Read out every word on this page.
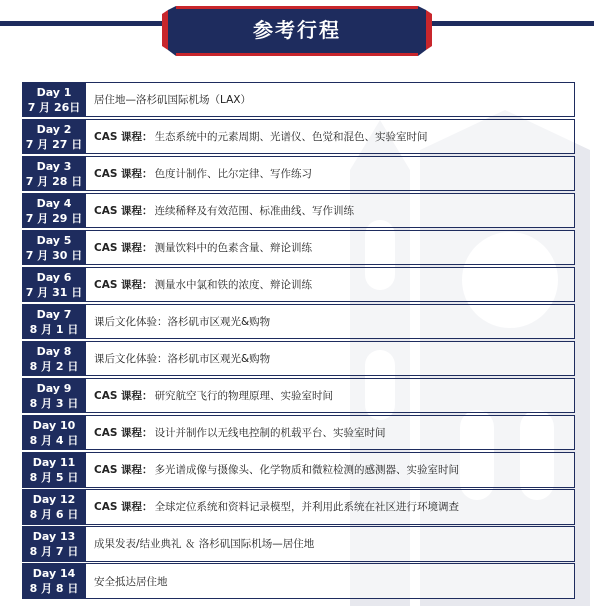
参考行程
Day 1
7 月 26日
居住地—洛杉矶国际机场（LAX）
Day 2
7 月 27 日
CAS 课程： 生态系统中的元素周期、光谱仪、色觉和混色、实验室时间
Day 3
7 月 28 日
CAS 课程： 色度计制作、比尔定律、写作练习
Day 4
7 月 29 日
CAS 课程： 连续稀释及有效范围、标准曲线、写作训练
Day 5
7 月 30 日
CAS 课程： 测量饮料中的色素含量、辩论训练
Day 6
7 月 31 日
CAS 课程： 测量水中氯和铁的浓度、辩论训练
Day 7
8 月 1 日
课后文化体验：洛杉矶市区观光&购物
Day 8
8 月 2 日
课后文化体验：洛杉矶市区观光&购物
Day 9
8 月 3 日
CAS 课程： 研究航空飞行的物理原理、实验室时间
Day 10
8 月 4 日
CAS 课程： 设计并制作以无线电控制的机载平台、实验室时间
Day 11
8 月 5 日
CAS 课程： 多光谱成像与摄像头、化学物质和微粒检测的感测器、实验室时间
Day 12
8 月 6 日
CAS 课程： 全球定位系统和资料记录模型，并利用此系统在社区进行环境调查
Day 13
8 月 7 日
成果发表/结业典礼 ＆ 洛杉矶国际机场—居住地
Day 14
8 月 8 日
安全抵达居住地
